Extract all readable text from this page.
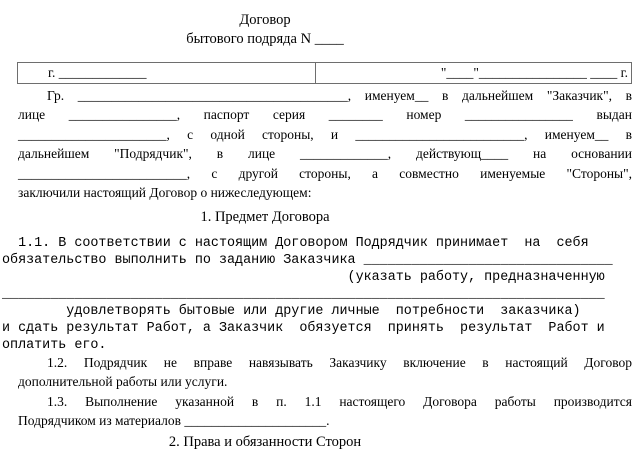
Договор
бытового подряда N ____
г. _____________	"____"________________ ____ г.
Гр. ________________________________________, именуем__ в дальнейшем "Заказчик", в
лице ________________, паспорт серия ________ номер ________________ выдан
______________________, с одной стороны, и _________________________, именуем__ в
дальнейшем "Подрядчик", в лице _____________, действующ____ на основании
_________________________, с другой стороны, а совместно именуемые "Стороны",
заключили настоящий Договор о нижеследующем:
1. Предмет Договора
1.1. В соответствии с настоящим Договором Подрядчик принимает  на  себя
обязательство выполнить по заданию Заказчика _______________________________
(указать работу, предназначенную
___________________________________________________________________________
удовлетворять бытовые или другие личные  потребности  заказчика)
и сдать результат Работ, а Заказчик  обязуется  принять  результат  Работ и
оплатить его.
1.2. Подрядчик не вправе навязывать Заказчику включение в настоящий Договор
дополнительной работы или услуги.
1.3. Выполнение указанной в п. 1.1 настоящего Договора работы производится
Подрядчиком из материалов _____________________.
2. Права и обязанности Сторон
